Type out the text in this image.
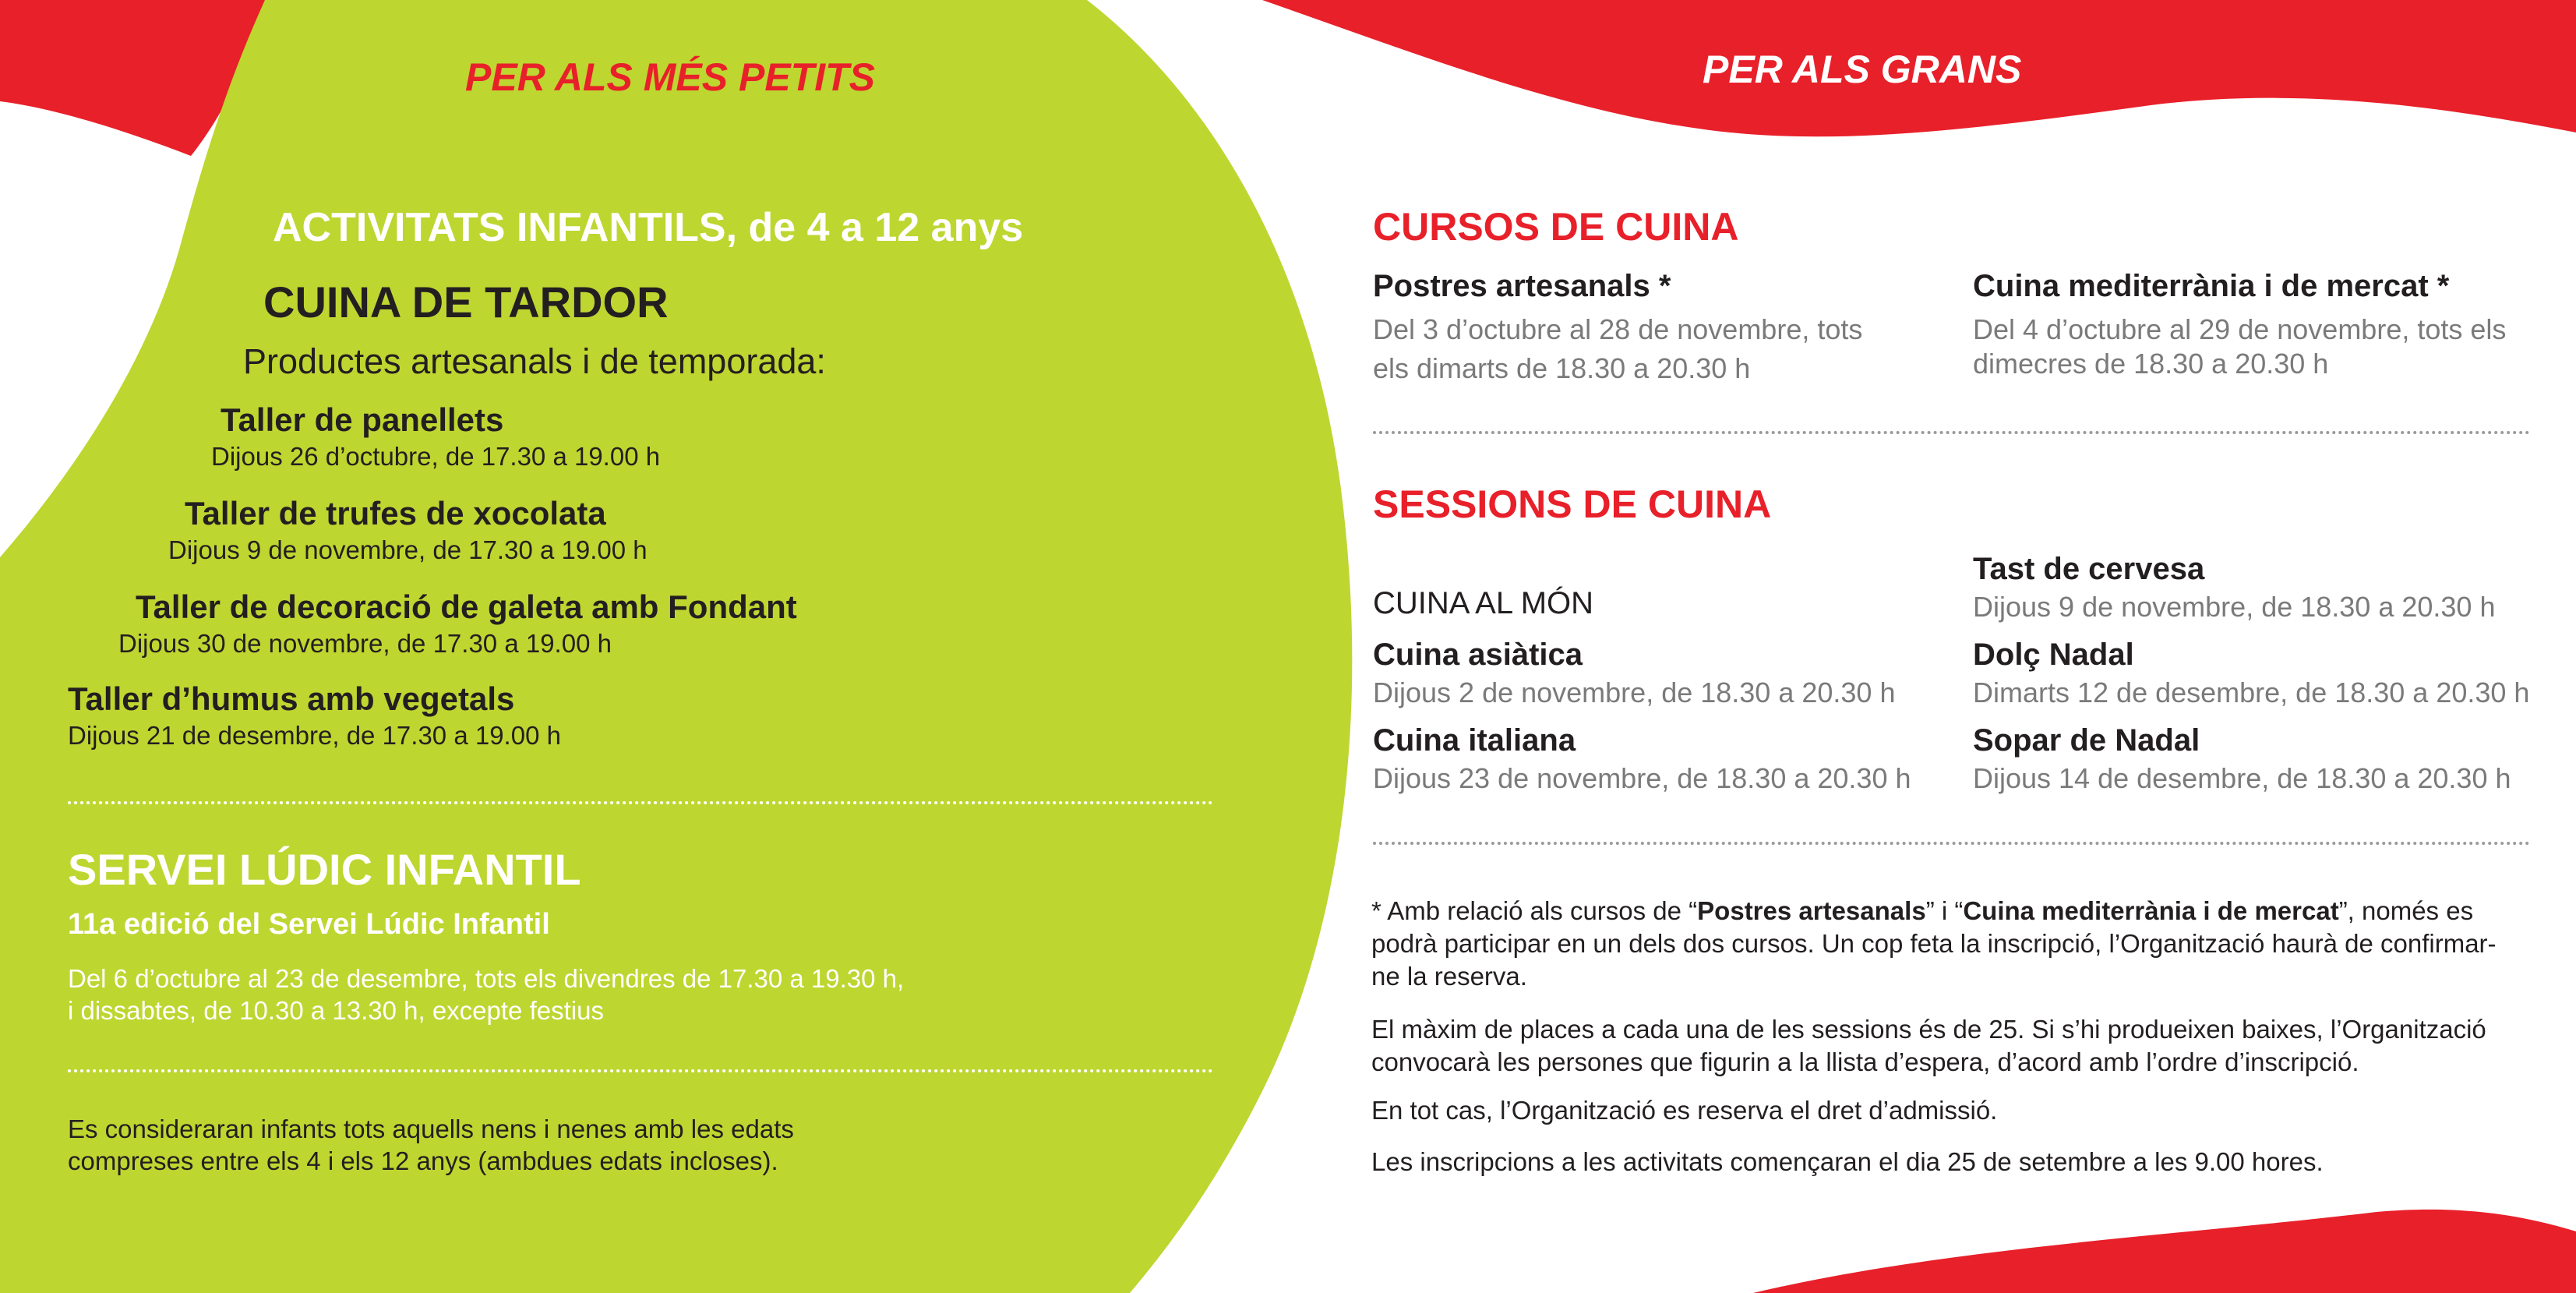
PER ALS MÉS PETITS
ACTIVITATS INFANTILS, de 4 a 12 anys
CUINA DE TARDOR
Productes artesanals i de temporada:
Taller de panellets
Dijous 26 d’octubre, de 17.30 a 19.00 h
Taller de trufes de xocolata
Dijous 9 de novembre, de 17.30 a 19.00 h
Taller de decoració de galeta amb Fondant
Dijous 30 de novembre, de 17.30 a 19.00 h
Taller d’humus amb vegetals
Dijous 21 de desembre, de 17.30 a 19.00 h
SERVEI LÚDIC INFANTIL
11a edició del Servei Lúdic Infantil
Del 6 d’octubre al 23 de desembre, tots els divendres de 17.30 a 19.30 h,
i dissabtes, de 10.30 a 13.30 h, excepte festius
Es consideraran infants tots aquells nens i nenes amb les edats
compreses entre els 4 i els 12 anys (ambdues edats incloses).
PER ALS GRANS
CURSOS DE CUINA
Postres artesanals *
Del 3 d’octubre al 28 de novembre, tots
els dimarts de 18.30 a 20.30 h
Cuina mediterrània i de mercat *
Del 4 d’octubre al 29 de novembre, tots els
dimecres de 18.30 a 20.30 h
SESSIONS DE CUINA
CUINA AL MÓN
Cuina asiàtica
Dijous 2 de novembre, de 18.30 a 20.30 h
Cuina italiana
Dijous 23 de novembre, de 18.30 a 20.30 h
Tast de cervesa
Dijous 9 de novembre, de 18.30 a 20.30 h
Dolç Nadal
Dimarts 12 de desembre, de 18.30 a 20.30 h
Sopar de Nadal
Dijous 14 de desembre, de 18.30 a 20.30 h
* Amb relació als cursos de “Postres artesanals” i “Cuina mediterrània i de mercat”, només es podrà participar en un dels dos cursos. Un cop feta la inscripció, l’Organització haurà de confirmar-ne la reserva.
El màxim de places a cada una de les sessions és de 25. Si s’hi produeixen baixes, l’Organització convocarà les persones que figurin a la llista d’espera, d’acord amb l’ordre d’inscripció.
En tot cas, l’Organització es reserva el dret d’admissió.
Les inscripcions a les activitats començaran el dia 25 de setembre a les 9.00 hores.
